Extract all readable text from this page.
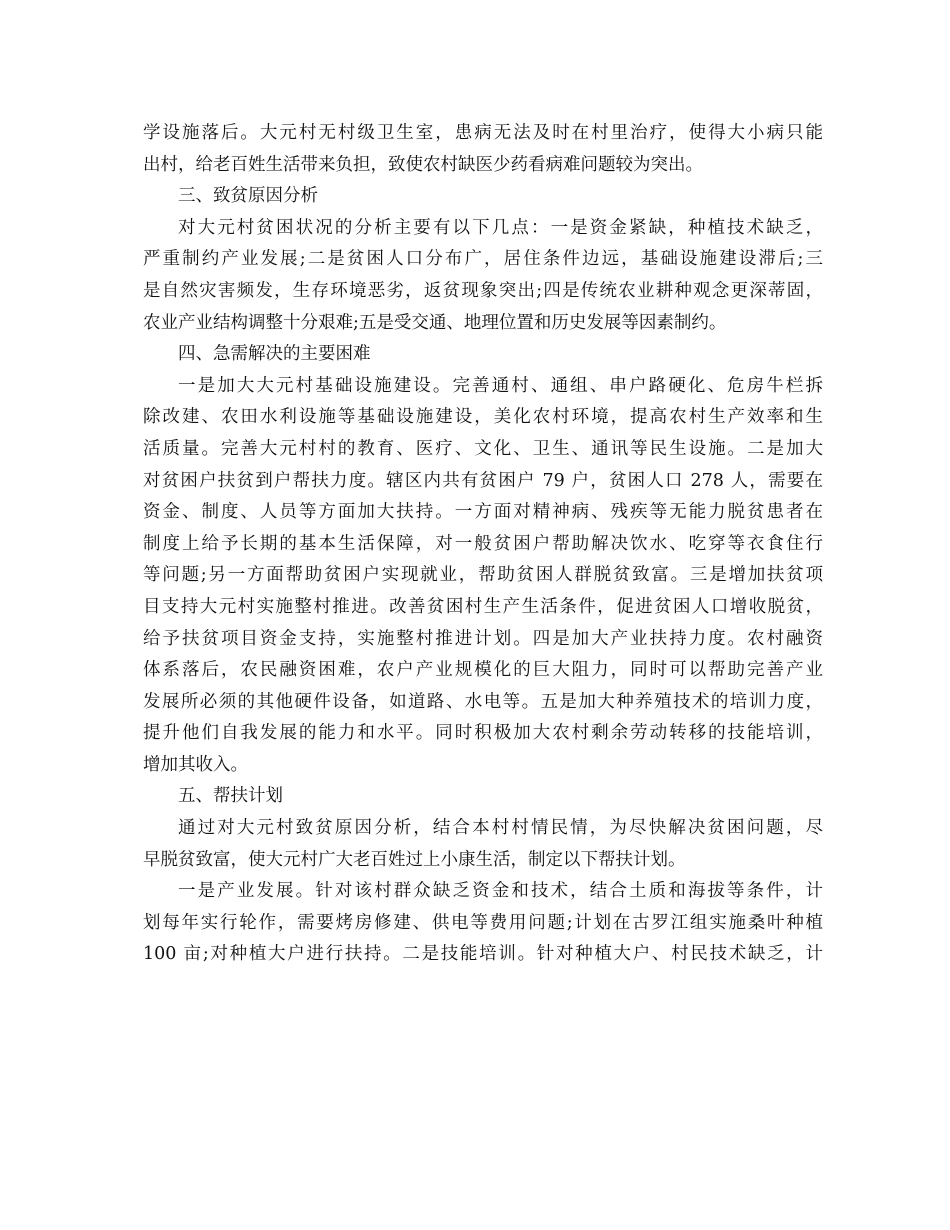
学设施落后。大元村无村级卫生室，患病无法及时在村里治疗，使得大小病只能
出村，给老百姓生活带来负担，致使农村缺医少药看病难问题较为突出。
三、致贫原因分析
对大元村贫困状况的分析主要有以下几点：一是资金紧缺，种植技术缺乏，
严重制约产业发展;二是贫困人口分布广，居住条件边远，基础设施建设滞后;三
是自然灾害频发，生存环境恶劣，返贫现象突出;四是传统农业耕种观念更深蒂固，
农业产业结构调整十分艰难;五是受交通、地理位置和历史发展等因素制约。
四、急需解决的主要困难
一是加大大元村基础设施建设。完善通村、通组、串户路硬化、危房牛栏拆
除改建、农田水利设施等基础设施建设，美化农村环境，提高农村生产效率和生
活质量。完善大元村村的教育、医疗、文化、卫生、通讯等民生设施。二是加大
对贫困户扶贫到户帮扶力度。辖区内共有贫困户 79 户，贫困人口 278 人，需要在
资金、制度、人员等方面加大扶持。一方面对精神病、残疾等无能力脱贫患者在
制度上给予长期的基本生活保障，对一般贫困户帮助解决饮水、吃穿等衣食住行
等问题;另一方面帮助贫困户实现就业，帮助贫困人群脱贫致富。三是增加扶贫项
目支持大元村实施整村推进。改善贫困村生产生活条件，促进贫困人口增收脱贫，
给予扶贫项目资金支持，实施整村推进计划。四是加大产业扶持力度。农村融资
体系落后，农民融资困难，农户产业规模化的巨大阻力，同时可以帮助完善产业
发展所必须的其他硬件设备，如道路、水电等。五是加大种养殖技术的培训力度，
提升他们自我发展的能力和水平。同时积极加大农村剩余劳动转移的技能培训，
增加其收入。
五、帮扶计划
通过对大元村致贫原因分析，结合本村村情民情，为尽快解决贫困问题，尽
早脱贫致富，使大元村广大老百姓过上小康生活，制定以下帮扶计划。
一是产业发展。针对该村群众缺乏资金和技术，结合土质和海拔等条件，计
划每年实行轮作，需要烤房修建、供电等费用问题;计划在古罗江组实施桑叶种植
100 亩;对种植大户进行扶持。二是技能培训。针对种植大户、村民技术缺乏，计
